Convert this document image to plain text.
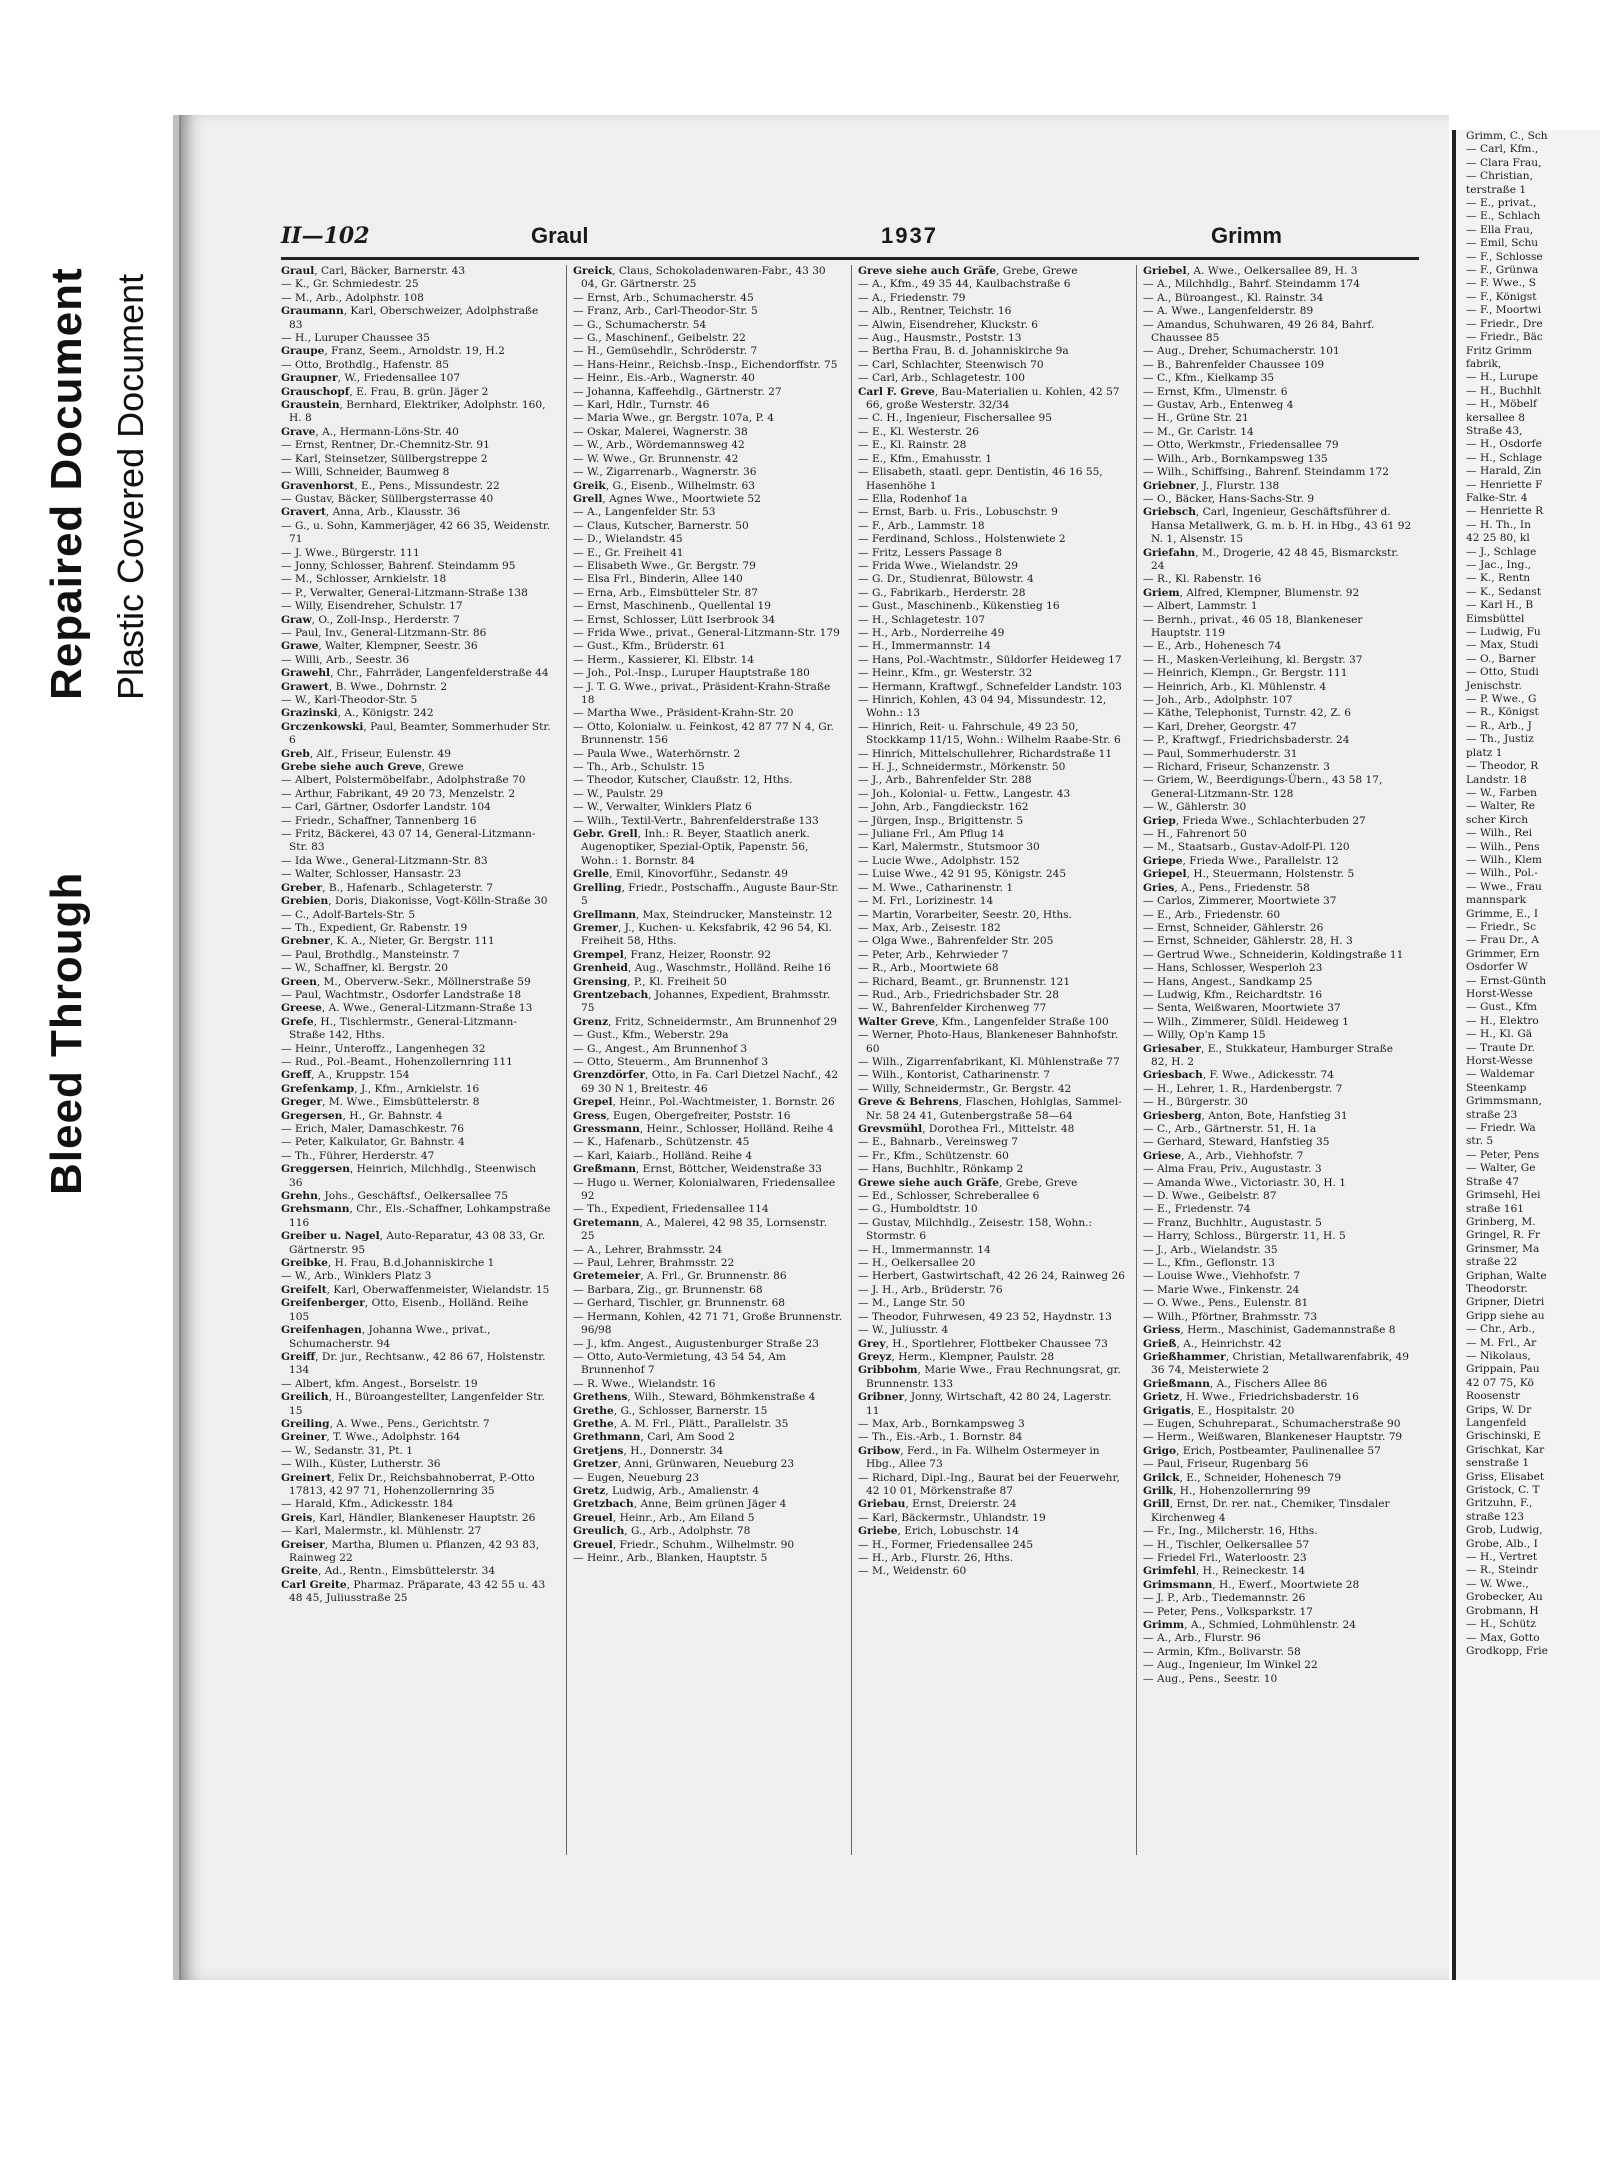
Bleed Through
Repaired Document Plastic Covered Document
II—102	Graul	1937	Grimm

Graul, Carl, Bäcker, Barnerstr. 43

— K., Gr. Schmiedestr. 25

— M., Arb., Adolphstr. 108

Graumann, Karl, Oberschweizer, Adolphstraße 83

— H., Luruper Chaussee 35

Graupe, Franz, Seem., Arnoldstr. 19, H.2

— Otto, Brothdlg., Hafenstr. 85

Graupner, W., Friedensallee 107

Grauschopf, E. Frau, B. grün. Jäger 2

Graustein, Bernhard, Elektriker, Adolphstr. 160, H. 8

Grave, A., Hermann-Löns-Str. 40

— Ernst, Rentner, Dr.-Chemnitz-Str. 91

— Karl, Steinsetzer, Süllbergstreppe 2

— Willi, Schneider, Baumweg 8

Gravenhorst, E., Pens., Missundestr. 22

— Gustav, Bäcker, Süllbergsterrasse 40

Gravert, Anna, Arb., Klausstr. 36

— G., u. Sohn, Kammerjäger, 42 66 35, Weidenstr. 71

— J. Wwe., Bürgerstr. 111

— Jonny, Schlosser, Bahrenf. Steindamm 95

— M., Schlosser, Arnkielstr. 18

— P., Verwalter, General-Litzmann-Straße 138

— Willy, Eisendreher, Schulstr. 17

Graw, O., Zoll-Insp., Herderstr. 7

— Paul, Inv., General-Litzmann-Str. 86

Grawe, Walter, Klempner, Seestr. 36

— Willi, Arb., Seestr. 36

Grawehl, Chr., Fahrräder, Langenfelderstraße 44

Grawert, B. Wwe., Dohrnstr. 2

— W., Karl-Theodor-Str. 5

Grazinski, A., Königstr. 242

Grczenkowski, Paul, Beamter, Sommerhuder Str. 6

Greb, Alf., Friseur, Eulenstr. 49

Grebe siehe auch Greve, Grewe

— Albert, Polstermöbelfabr., Adolphstraße 70

— Arthur, Fabrikant, 49 20 73, Menzelstr. 2

— Carl, Gärtner, Osdorfer Landstr. 104

— Friedr., Schaffner, Tannenberg 16

— Fritz, Bäckerei, 43 07 14, General-Litzmann-Str. 83

— Ida Wwe., General-Litzmann-Str. 83

— Walter, Schlosser, Hansastr. 23

Greber, B., Hafenarb., Schlageterstr. 7

Grebien, Doris, Diakonisse, Vogt-Kölln-Straße 30

— C., Adolf-Bartels-Str. 5

— Th., Expedient, Gr. Rabenstr. 19

Grebner, K. A., Nieter, Gr. Bergstr. 111

— Paul, Brothdlg., Mansteinstr. 7

— W., Schaffner, kl. Bergstr. 20

Green, M., Oberverw.-Sekr., Möllnerstraße 59

— Paul, Wachtmstr., Osdorfer Landstraße 18

Greese, A. Wwe., General-Litzmann-Straße 13

Grefe, H., Tischlermstr., General-Litzmann-Straße 142, Hths.

— Heinr., Unteroffz., Langenhegen 32

— Rud., Pol.-Beamt., Hohenzollernring 111

Greff, A., Kruppstr. 154

Grefenkamp, J., Kfm., Arnkielstr. 16

Greger, M. Wwe., Eimsbüttelerstr. 8

Gregersen, H., Gr. Bahnstr. 4

— Erich, Maler, Damaschkestr. 76

— Peter, Kalkulator, Gr. Bahnstr. 4

— Th., Führer, Herderstr. 47

Greggersen, Heinrich, Milchhdlg., Steenwisch 36

Grehn, Johs., Geschäftsf., Oelkersallee 75

Grehsmann, Chr., Els.-Schaffner, Lohkampstraße 116

Greiber u. Nagel, Auto-Reparatur, 43 08 33, Gr. Gärtnerstr. 95

Greibke, H. Frau, B.d.Johanniskirche 1

— W., Arb., Winklers Platz 3

Greifelt, Karl, Oberwaffenmeister, Wielandstr. 15

Greifenberger, Otto, Eisenb., Holländ. Reihe 105

Greifenhagen, Johanna Wwe., privat., Schumacherstr. 94

Greiff, Dr. jur., Rechtsanw., 42 86 67, Holstenstr. 134

— Albert, kfm. Angest., Borselstr. 19

Greilich, H., Büroangestellter, Langenfelder Str. 15

Greiling, A. Wwe., Pens., Gerichtstr. 7

Greiner, T. Wwe., Adolphstr. 164

— W., Sedanstr. 31, Pt. 1

— Wilh., Küster, Lutherstr. 36

Greinert, Felix Dr., Reichsbahnoberrat, P.-Otto 17813, 42 97 71, Hohenzollernring 35

— Harald, Kfm., Adickesstr. 184

Greis, Karl, Händler, Blankeneser Hauptstr. 26

— Karl, Malermstr., kl. Mühlenstr. 27

Greiser, Martha, Blumen u. Pflanzen, 42 93 83, Rainweg 22

Greite, Ad., Rentn., Eimsbüttelerstr. 34

Carl Greite, Pharmaz. Präparate, 43 42 55 u. 43 48 45, Juliusstraße 25

Greick, Claus, Schokoladenwaren-Fabr., 43 30 04, Gr. Gärtnerstr. 25

— Ernst, Arb., Schumacherstr. 45

— Franz, Arb., Carl-Theodor-Str. 5

— G., Schumacherstr. 54

— G., Maschinenf., Geibelstr. 22

— H., Gemüsehdlr., Schröderstr. 7

— Hans-Heinr., Reichsb.-Insp., Eichendorffstr. 75

— Heinr., Eis.-Arb., Wagnerstr. 40

— Johanna, Kaffeehdlg., Gärtnerstr. 27

— Karl, Hdlr., Turnstr. 46

— Maria Wwe., gr. Bergstr. 107a, P. 4

— Oskar, Malerei, Wagnerstr. 38

— W., Arb., Wördemannsweg 42

— W. Wwe., Gr. Brunnenstr. 42

— W., Zigarrenarb., Wagnerstr. 36

Greik, G., Eisenb., Wilhelmstr. 63

Grell, Agnes Wwe., Moortwiete 52

— A., Langenfelder Str. 53

— Claus, Kutscher, Barnerstr. 50

— D., Wielandstr. 45

— E., Gr. Freiheit 41

— Elisabeth Wwe., Gr. Bergstr. 79

— Elsa Frl., Binderin, Allee 140

— Erna, Arb., Eimsbütteler Str. 87

— Ernst, Maschinenb., Quellental 19

— Ernst, Schlosser, Lütt Iserbrook 34

— Frida Wwe., privat., General-Litzmann-Str. 179

— Gust., Kfm., Brüderstr. 61

— Herm., Kassierer, Kl. Elbstr. 14

— Joh., Pol.-Insp., Luruper Hauptstraße 180

— J. T. G. Wwe., privat., Präsident-Krahn-Straße 18

— Martha Wwe., Präsident-Krahn-Str. 20

— Otto, Kolonialw. u. Feinkost, 42 87 77 N 4, Gr. Brunnenstr. 156

— Paula Wwe., Waterhörnstr. 2

— Th., Arb., Schulstr. 15

— Theodor, Kutscher, Claußstr. 12, Hths.

— W., Paulstr. 29

— W., Verwalter, Winklers Platz 6

— Wilh., Textil-Vertr., Bahrenfelderstraße 133

Gebr. Grell, Inh.: R. Beyer, Staatlich anerk. Augenoptiker, Spezial-Optik, Papenstr. 56, Wohn.: 1. Bornstr. 84

Grelle, Emil, Kinovorführ., Sedanstr. 49

Grelling, Friedr., Postschaffn., Auguste Baur-Str. 5

Grellmann, Max, Steindrucker, Mansteinstr. 12

Gremer, J., Kuchen- u. Keksfabrik, 42 96 54, Kl. Freiheit 58, Hths.

Grempel, Franz, Heizer, Roonstr. 92

Grenheid, Aug., Waschmstr., Holländ. Reihe 16

Grensing, P., Kl. Freiheit 50

Grentzebach, Johannes, Expedient, Brahmsstr. 75

Grenz, Fritz, Schneidermstr., Am Brunnenhof 29

— Gust., Kfm., Weberstr. 29a

— G., Angest., Am Brunnenhof 3

— Otto, Steuerm., Am Brunnenhof 3

Grenzdörfer, Otto, in Fa. Carl Dietzel Nachf., 42 69 30 N 1, Breitestr. 46

Grepel, Heinr., Pol.-Wachtmeister, 1. Bornstr. 26

Gress, Eugen, Obergefreiter, Poststr. 16

Gressmann, Heinr., Schlosser, Holländ. Reihe 4

— K., Hafenarb., Schützenstr. 45

— Karl, Kaiarb., Holländ. Reihe 4

Greßmann, Ernst, Böttcher, Weidenstraße 33

— Hugo u. Werner, Kolonialwaren, Friedensallee 92

— Th., Expedient, Friedensallee 114

Gretemann, A., Malerei, 42 98 35, Lornsenstr. 25

— A., Lehrer, Brahmsstr. 24

— Paul, Lehrer, Brahmsstr. 22

Gretemeier, A. Frl., Gr. Brunnenstr. 86

— Barbara, Zig., gr. Brunnenstr. 68

— Gerhard, Tischler, gr. Brunnenstr. 68

— Hermann, Kohlen, 42 71 71, Große Brunnenstr. 96/98

— J., kfm. Angest., Augustenburger Straße 23

— Otto, Auto-Vermietung, 43 54 54, Am Brunnenhof 7

— R. Wwe., Wielandstr. 16

Grethens, Wilh., Steward, Böhmkenstraße 4

Grethe, G., Schlosser, Barnerstr. 15

Grethe, A. M. Frl., Plätt., Parallelstr. 35

Grethmann, Carl, Am Sood 2

Gretjens, H., Donnerstr. 34

Gretzer, Anni, Grünwaren, Neueburg 23

— Eugen, Neueburg 23

Gretz, Ludwig, Arb., Amalienstr. 4

Gretzbach, Anne, Beim grünen Jäger 4

Greuel, Heinr., Arb., Am Eiland 5

Greulich, G., Arb., Adolphstr. 78

Greuel, Friedr., Schuhm., Wilhelmstr. 90

— Heinr., Arb., Blanken, Hauptstr. 5

Greve siehe auch Gräfe, Grebe, Grewe

— A., Kfm., 49 35 44, Kaulbachstraße 6

— A., Friedenstr. 79

— Alb., Rentner, Teichstr. 16

— Alwin, Eisendreher, Kluckstr. 6

— Aug., Hausmstr., Poststr. 13

— Bertha Frau, B. d. Johanniskirche 9a

— Carl, Schlachter, Steenwisch 70

— Carl, Arb., Schlagetestr. 100

Carl F. Greve, Bau-Materialien u. Kohlen, 42 57 66, große Westerstr. 32/34

— C. H., Ingenieur, Fischersallee 95

— E., Kl. Westerstr. 26

— E., Kl. Rainstr. 28

— E., Kfm., Emahusstr. 1

— Elisabeth, staatl. gepr. Dentistin, 46 16 55, Hasenhöhe 1

— Ella, Rodenhof 1a

— Ernst, Barb. u. Fris., Lobuschstr. 9

— F., Arb., Lammstr. 18

— Ferdinand, Schloss., Holstenwiete 2

— Fritz, Lessers Passage 8

— Frida Wwe., Wielandstr. 29

— G. Dr., Studienrat, Bülowstr. 4

— G., Fabrikarb., Herderstr. 28

— Gust., Maschinenb., Kükenstieg 16

— H., Schlagetestr. 107

— H., Arb., Norderreihe 49

— H., Immermannstr. 14

— Hans, Pol.-Wachtmstr., Süldorfer Heideweg 17

— Heinr., Kfm., gr. Westerstr. 32

— Hermann, Kraftwgf., Schnefelder Landstr. 103

— Hinrich, Kohlen, 43 04 94, Missundestr. 12, Wohn.: 13

— Hinrich, Reit- u. Fahrschule, 49 23 50, Stockkamp 11/15, Wohn.: Wilhelm Raabe-Str. 6

— Hinrich, Mittelschullehrer, Richardstraße 11

— H. J., Schneidermstr., Mörkenstr. 50

— J., Arb., Bahrenfelder Str. 288

— Joh., Kolonial- u. Fettw., Langestr. 43

— John, Arb., Fangdieckstr. 162

— Jürgen, Insp., Brigittenstr. 5

— Juliane Frl., Am Pflug 14

— Karl, Malermstr., Stutsmoor 30

— Lucie Wwe., Adolphstr. 152

— Luise Wwe., 42 91 95, Königstr. 245

— M. Wwe., Catharinenstr. 1

— M. Frl., Lorizinestr. 14

— Martin, Vorarbeiter, Seestr. 20, Hths.

— Max, Arb., Zeisestr. 182

— Olga Wwe., Bahrenfelder Str. 205

— Peter, Arb., Kehrwieder 7

— R., Arb., Moortwiete 68

— Richard, Beamt., gr. Brunnenstr. 121

— Rud., Arb., Friedrichsbader Str. 28

— W., Bahrenfelder Kirchenweg 77

Walter Greve, Kfm., Langenfelder Straße 100

— Werner, Photo-Haus, Blankeneser Bahnhofstr. 60

— Wilh., Zigarrenfabrikant, Kl. Mühlenstraße 77

— Wilh., Kontorist, Catharinenstr. 7

— Willy, Schneidermstr., Gr. Bergstr. 42

Greve & Behrens, Flaschen, Hohlglas, Sammel-Nr. 58 24 41, Gutenbergstraße 58—64

Grevsmühl, Dorothea Frl., Mittelstr. 48

— E., Bahnarb., Vereinsweg 7

— Fr., Kfm., Schützenstr. 60

— Hans, Buchhltr., Rönkamp 2

Grewe siehe auch Gräfe, Grebe, Greve

— Ed., Schlosser, Schreberallee 6

— G., Humboldtstr. 10

— Gustav, Milchhdlg., Zeisestr. 158, Wohn.: Stormstr. 6

— H., Immermannstr. 14

— H., Oelkersallee 20

— Herbert, Gastwirtschaft, 42 26 24, Rainweg 26

— J. H., Arb., Brüderstr. 76

— M., Lange Str. 50

— Theodor, Fuhrwesen, 49 23 52, Haydnstr. 13

— W., Juliusstr. 4

Grey, H., Sportlehrer, Flottbeker Chaussee 73

Greyz, Herm., Klempner, Paulstr. 28

Gribbohm, Marie Wwe., Frau Rechnungsrat, gr. Brunnenstr. 133

Gribner, Jonny, Wirtschaft, 42 80 24, Lagerstr. 11

— Max, Arb., Bornkampsweg 3

— Th., Eis.-Arb., 1. Bornstr. 84

Gribow, Ferd., in Fa. Wilhelm Ostermeyer in Hbg., Allee 73

— Richard, Dipl.-Ing., Baurat bei der Feuerwehr, 42 10 01, Mörkenstraße 87

Griebau, Ernst, Dreierstr. 24

— Karl, Bäckermstr., Uhlandstr. 19

Griebe, Erich, Lobuschstr. 14

— H., Former, Friedensallee 245

— H., Arb., Flurstr. 26, Hths.

— M., Weidenstr. 60

Griebel, A. Wwe., Oelkersallee 89, H. 3

— A., Milchhdlg., Bahrf. Steindamm 174

— A., Büroangest., Kl. Rainstr. 34

— A. Wwe., Langenfelderstr. 89

— Amandus, Schuhwaren, 49 26 84, Bahrf. Chaussee 85

— Aug., Dreher, Schumacherstr. 101

— B., Bahrenfelder Chaussee 109

— C., Kfm., Kielkamp 35

— Ernst, Kfm., Ulmenstr. 6

— Gustav, Arb., Entenweg 4

— H., Grüne Str. 21

— M., Gr. Carlstr. 14

— Otto, Werkmstr., Friedensallee 79

— Wilh., Arb., Bornkampsweg 135

— Wilh., Schiffsing., Bahrenf. Steindamm 172

Griebner, J., Flurstr. 138

— O., Bäcker, Hans-Sachs-Str. 9

Griebsch, Carl, Ingenieur, Geschäftsführer d. Hansa Metallwerk, G. m. b. H. in Hbg., 43 61 92 N. 1, Alsenstr. 15

Griefahn, M., Drogerie, 42 48 45, Bismarckstr. 24

— R., Kl. Rabenstr. 16

Griem, Alfred, Klempner, Blumenstr. 92

— Albert, Lammstr. 1

— Bernh., privat., 46 05 18, Blankeneser Hauptstr. 119

— E., Arb., Hohenesch 74

— H., Masken-Verleihung, kl. Bergstr. 37

— Heinrich, Klempn., Gr. Bergstr. 111

— Heinrich, Arb., Kl. Mühlenstr. 4

— Joh., Arb., Adolphstr. 107

— Käthe, Telephonist, Turnstr. 42, Z. 6

— Karl, Dreher, Georgstr. 47

— P., Kraftwgf., Friedrichsbaderstr. 24

— Paul, Sommerhuderstr. 31

— Richard, Friseur, Schanzenstr. 3

— Griem, W., Beerdigungs-Übern., 43 58 17, General-Litzmann-Str. 128

— W., Gählerstr. 30

Griep, Frieda Wwe., Schlachterbuden 27

— H., Fahrenort 50

— M., Staatsarb., Gustav-Adolf-Pl. 120

Griepe, Frieda Wwe., Parallelstr. 12

Griepel, H., Steuermann, Holstenstr. 5

Gries, A., Pens., Friedenstr. 58

— Carlos, Zimmerer, Moortwiete 37

— E., Arb., Friedenstr. 60

— Ernst, Schneider, Gählerstr. 26

— Ernst, Schneider, Gählerstr. 28, H. 3

— Gertrud Wwe., Schneiderin, Koldingstraße 11

— Hans, Schlosser, Wesperloh 23

— Hans, Angest., Sandkamp 25

— Ludwig, Kfm., Reichardtstr. 16

— Senta, Weißwaren, Moortwiete 37

— Wilh., Zimmerer, Süldl. Heideweg 1

— Willy, Op'n Kamp 15

Griesaber, E., Stukkateur, Hamburger Straße 82, H. 2

Griesbach, F. Wwe., Adickesstr. 74

— H., Lehrer, 1. R., Hardenbergstr. 7

— H., Bürgerstr. 30

Griesberg, Anton, Bote, Hanfstieg 31

— C., Arb., Gärtnerstr. 51, H. 1a

— Gerhard, Steward, Hanfstieg 35

Griese, A., Arb., Viehhofstr. 7

— Alma Frau, Priv., Augustastr. 3

— Amanda Wwe., Victoriastr. 30, H. 1

— D. Wwe., Geibelstr. 87

— E., Friedenstr. 74

— Franz, Buchhltr., Augustastr. 5

— Harry, Schloss., Bürgerstr. 11, H. 5

— J., Arb., Wielandstr. 35

— L., Kfm., Geflonstr. 13

— Louise Wwe., Viehhofstr. 7

— Marie Wwe., Finkenstr. 24

— O. Wwe., Pens., Eulenstr. 81

— Wilh., Pförtner, Brahmsstr. 73

Griess, Herm., Maschinist, Gademannstraße 8

Grieß, A., Heinrichstr. 42

Grießhammer, Christian, Metallwarenfabrik, 49 36 74, Meisterwiete 2

Grießmann, A., Fischers Allee 86

Grietz, H. Wwe., Friedrichsbaderstr. 16

Grigatis, E., Hospitalstr. 20

— Eugen, Schuhreparat., Schumacherstraße 90

— Herm., Weißwaren, Blankeneser Hauptstr. 79

Grigo, Erich, Postbeamter, Paulinenallee 57

— Paul, Friseur, Rugenbarg 56

Grilck, E., Schneider, Hohenesch 79

Grilk, H., Hohenzollernring 99

Grill, Ernst, Dr. rer. nat., Chemiker, Tinsdaler Kirchenweg 4

— Fr., Ing., Milcherstr. 16, Hths.

— H., Tischler, Oelkersallee 57

— Friedel Frl., Waterloostr. 23

Grimfehl, H., Reineckestr. 14

Grimsmann, H., Ewerf., Moortwiete 28

— J. P., Arb., Tiedemannstr. 26

— Peter, Pens., Volksparkstr. 17

Grimm, A., Schmied, Lohmühlenstr. 24

— A., Arb., Flurstr. 96

— Armin, Kfm., Bolivarstr. 58

— Aug., Ingenieur, Im Winkel 22

— Aug., Pens., Seestr. 10

Grimm, C., Sch
— Carl, Kfm.,
— Clara Frau,
— Christian,
terstraße 1
— E., privat.,
— E., Schlach
— Ella Frau,
— Emil, Schu
— F., Schlosse
— F., Grünwa
— F. Wwe., S
— F., Königst
— F., Moortwi
— Friedr., Dre
— Friedr., Bäc
Fritz Grimm
fabrik,
— H., Lurupe
— H., Buchhlt
— H., Möbelf
kersallee 8
Straße 43,
— H., Osdorfe
— H., Schlage
— Harald, Zin
— Henriette F
Falke-Str. 4
— Henriette R
— H. Th., In
42 25 80, kl
— J., Schlage
— Jac., Ing.,
— K., Rentn
— K., Sedanst
— Karl H., B
Eimsbüttel
— Ludwig, Fu
— Max, Studi
— O., Barner
— Otto, Studi
Jenischstr.
— P. Wwe., G
— R., Königst
— R., Arb., J
— Th., Justiz
platz 1
— Theodor, R
Landstr. 18
— W., Farben
— Walter, Re
scher Kirch
— Wilh., Rei
— Wilh., Pens
— Wilh., Klem
— Wilh., Pol.-
— Wwe., Frau
mannspark
Grimme, E., I
— Friedr., Sc
— Frau Dr., A
Grimmer, Ern
Osdorfer W
— Ernst-Günth
Horst-Wesse
— Gust., Kfm
— H., Elektro
— H., Kl. Gä
— Traute Dr.
Horst-Wesse
— Waldemar
Steenkamp
Grimmsmann,
straße 23
— Friedr. Wa
str. 5
— Peter, Pens
— Walter, Ge
Straße 47
Grimsehl, Hei
straße 161
Grinberg, M.
Gringel, R. Fr
Grinsmer, Ma
straße 22
Griphan, Walte
Theodorstr.
Gripner, Dietri
Gripp siehe au
— Chr., Arb.,
— M. Frl., Ar
— Nikolaus,
Grippain, Pau
42 07 75, Kö
Roosenstr
Grips, W. Dr
Langenfeld
Grischinski, E
Grischkat, Kar
senstraße 1
Griss, Elisabet
Gristock, C. T
Gritzuhn, F.,
straße 123
Grob, Ludwig,
Grobe, Alb., I
— H., Vertret
— R., Steindr
— W. Wwe.,
Grobecker, Au
Grobmann, H
— H., Schütz
— Max, Gotto
Grodkopp, Frie
